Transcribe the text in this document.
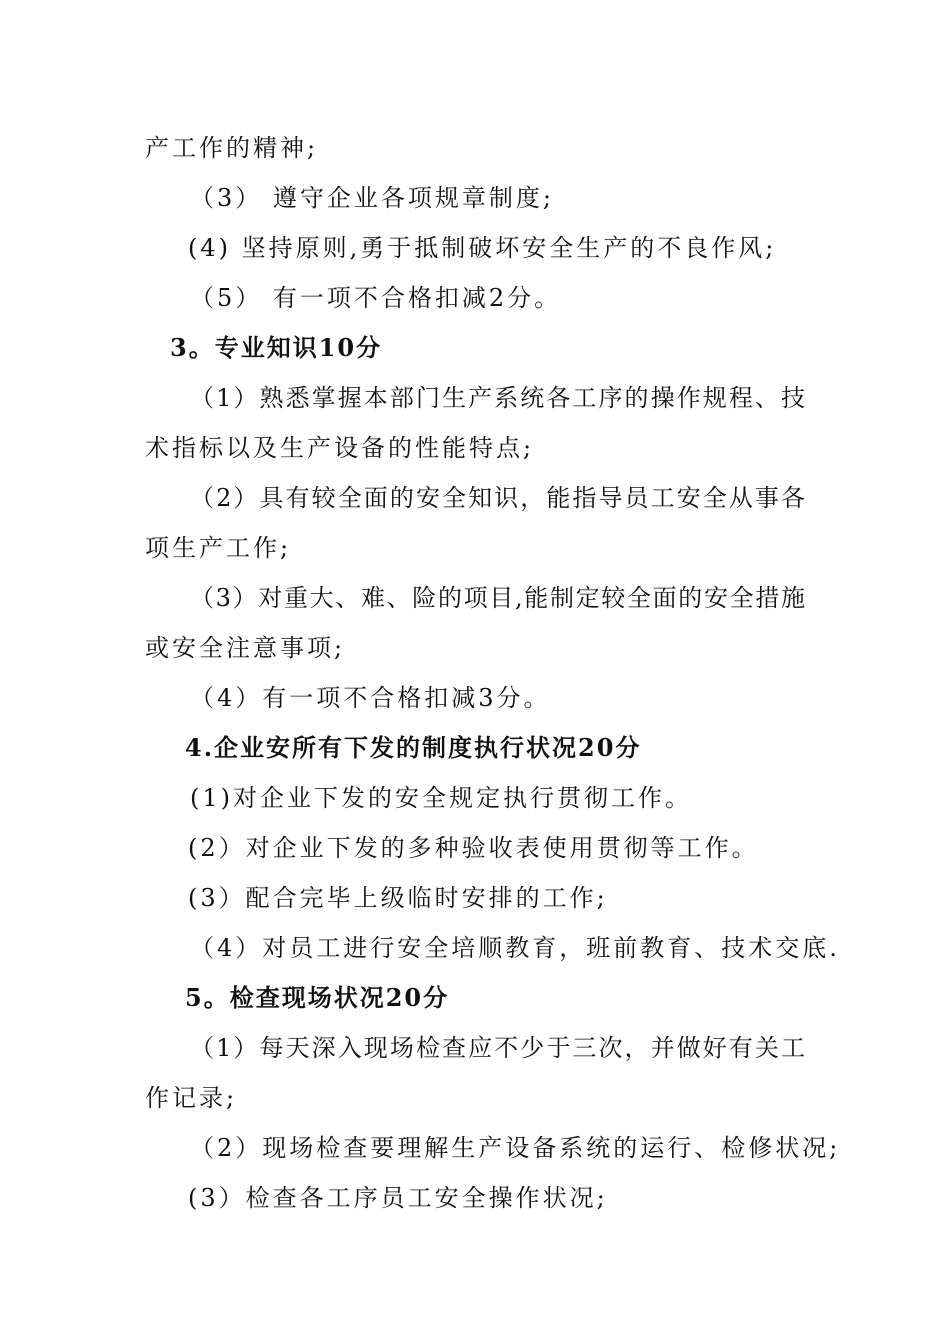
产工作的精神;
（3） 遵守企业各项规章制度;
(4) 坚持原则,勇于抵制破坏安全生产的不良作风;
（5） 有一项不合格扣减2分。
3。专业知识10分
（1）熟悉掌握本部门生产系统各工序的操作规程、技
术指标以及生产设备的性能特点;
（2）具有较全面的安全知识，能指导员工安全从事各
项生产工作;
（3）对重大、难、险的项目,能制定较全面的安全措施
或安全注意事项;
（4）有一项不合格扣减3分。
4.企业安所有下发的制度执行状况20分
(1)对企业下发的安全规定执行贯彻工作。
(2）对企业下发的多种验收表使用贯彻等工作。
(3）配合完毕上级临时安排的工作;
（4）对员工进行安全培顺教育，班前教育、技术交底.
5。检查现场状况20分
（1）每天深入现场检查应不少于三次，并做好有关工
作记录;
（2）现场检查要理解生产设备系统的运行、检修状况;
(3）检查各工序员工安全操作状况;
